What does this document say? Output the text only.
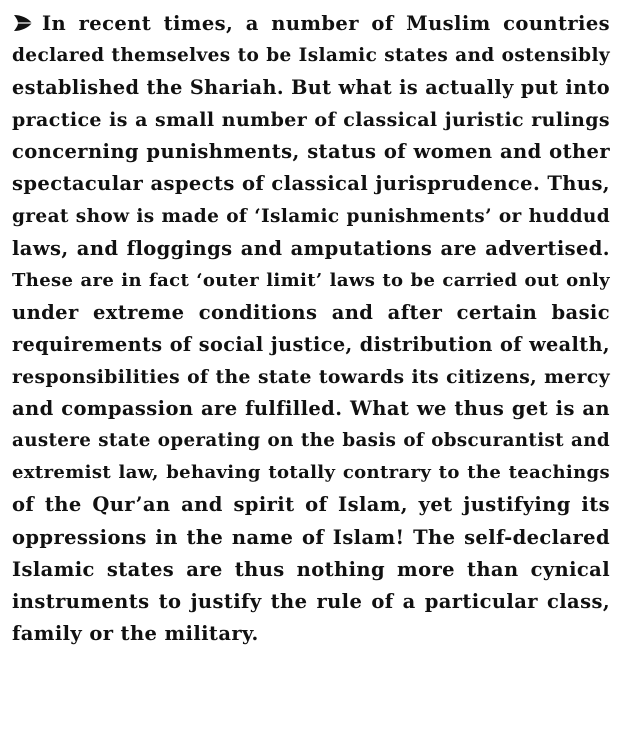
In recent times, a number of Muslim countries
declared themselves to be Islamic states and ostensibly
established the Shariah. But what is actually put into
practice is a small number of classical juristic rulings
concerning punishments, status of women and other
spectacular aspects of classical jurisprudence. Thus,
great show is made of ‘Islamic punishments’ or huddud
laws, and floggings and amputations are advertised.
These are in fact ‘outer limit’ laws to be carried out only
under extreme conditions and after certain basic
requirements of social justice, distribution of wealth,
responsibilities of the state towards its citizens, mercy
and compassion are fulfilled. What we thus get is an
austere state operating on the basis of obscurantist and
extremist law, behaving totally contrary to the teachings
of the Qur’an and spirit of Islam, yet justifying its
oppressions in the name of Islam! The self-declared
Islamic states are thus nothing more than cynical
instruments to justify the rule of a particular class,
family or the military.
